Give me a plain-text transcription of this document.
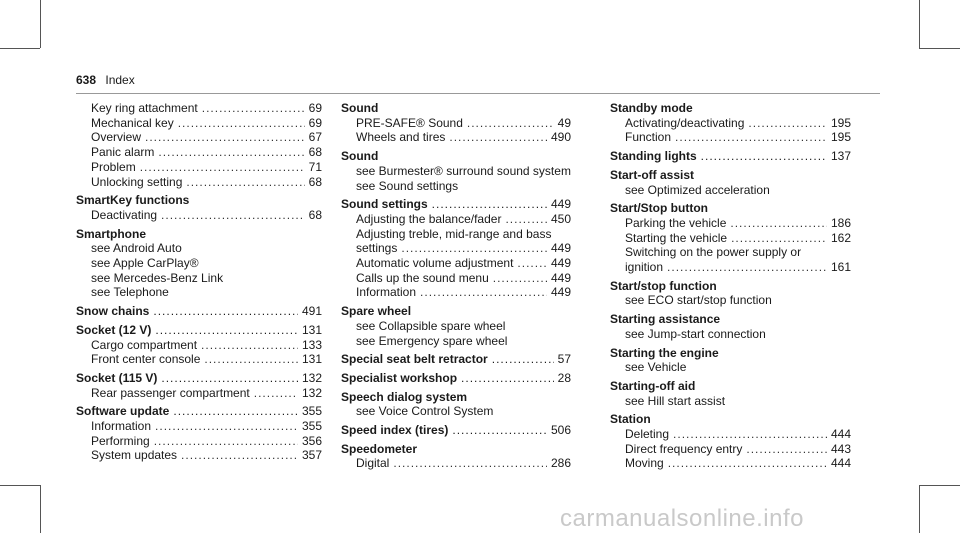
638 Index
Key ring attachment .....	69
Mechanical key .....	69
Overview .....	67
Panic alarm .....	68
Problem .....	71
Unlocking setting .....	68
SmartKey functions
Deactivating .....	68
Smartphone
see Android Auto
see Apple CarPlay®
see Mercedes-Benz Link
see Telephone
Snow chains .....	491
Socket (12 V) .....	131
Cargo compartment .....	133
Front center console .....	131
Socket (115 V) .....	132
Rear passenger compartment .....	132
Software update .....	355
Information .....	355
Performing .....	356
System updates .....	357
Sound
PRE-SAFE® Sound .....	49
Wheels and tires .....	490
Sound
see Burmester® surround sound system
see Sound settings
Sound settings .....	449
Adjusting the balance/fader .....	450
Adjusting treble, mid-range and bass
settings .....	449
Automatic volume adjustment .....	449
Calls up the sound menu .....	449
Information .....	449
Spare wheel
see Collapsible spare wheel
see Emergency spare wheel
Special seat belt retractor .....	57
Specialist workshop .....	28
Speech dialog system
see Voice Control System
Speed index (tires) .....	506
Speedometer
Digital .....	286
Standby mode
Activating/deactivating .....	195
Function .....	195
Standing lights .....	137
Start-off assist
see Optimized acceleration
Start/Stop button
Parking the vehicle .....	186
Starting the vehicle .....	162
Switching on the power supply or
ignition .....	161
Start/stop function
see ECO start/stop function
Starting assistance
see Jump-start connection
Starting the engine
see Vehicle
Starting-off aid
see Hill start assist
Station
Deleting .....	444
Direct frequency entry .....	443
Moving .....	444
carmanualsonline.info
